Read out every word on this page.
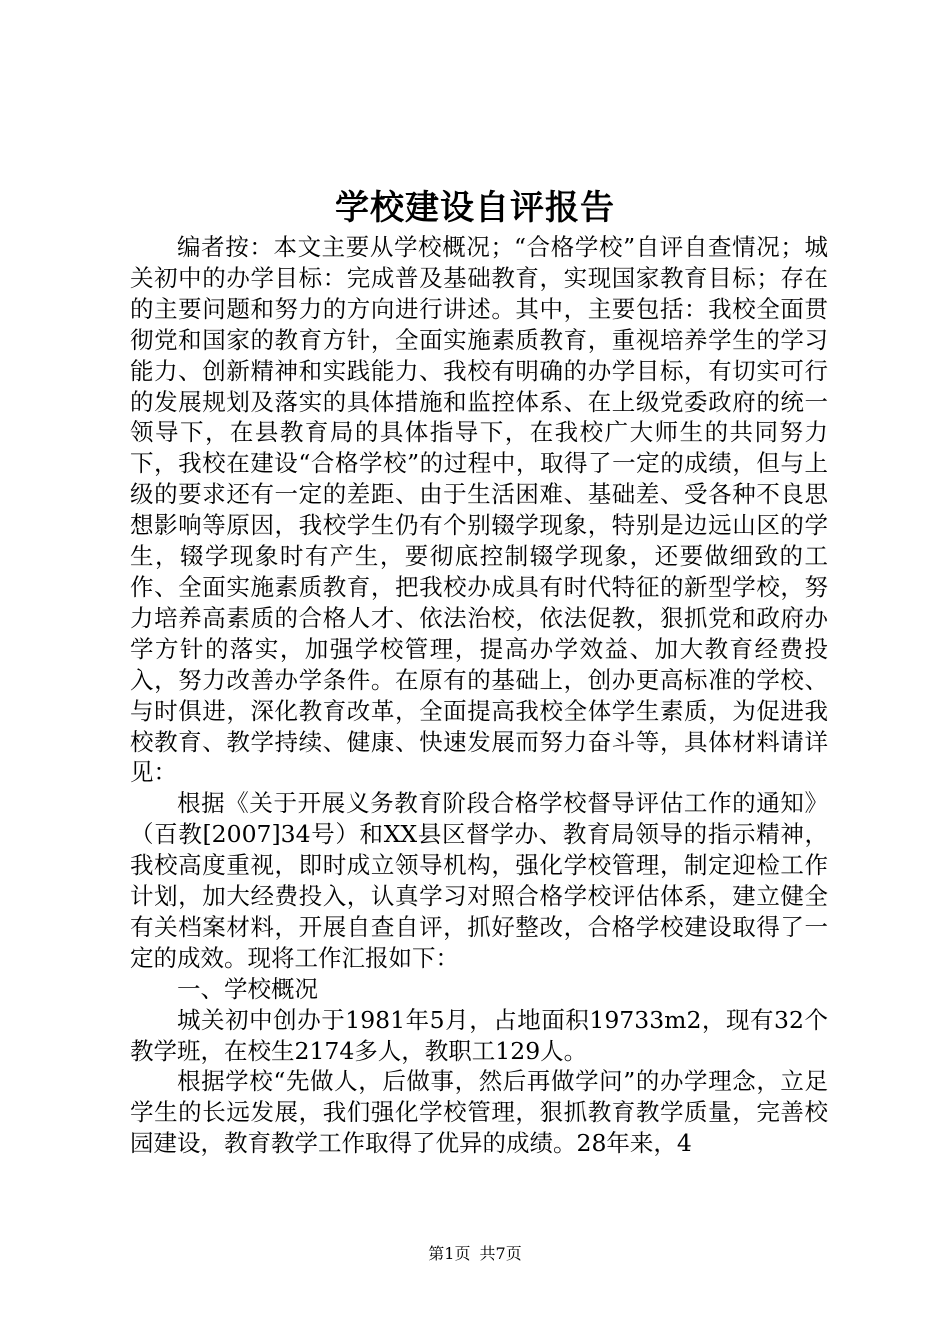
学校建设自评报告

编者按：本文主要从学校概况；“合格学校”自评自查情况；城关初中的办学目标：完成普及基础教育，实现国家教育目标；存在的主要问题和努力的方向进行讲述。其中，主要包括：我校全面贯彻党和国家的教育方针，全面实施素质教育，重视培养学生的学习能力、创新精神和实践能力、我校有明确的办学目标，有切实可行的发展规划及落实的具体措施和监控体系、在上级党委政府的统一领导下，在县教育局的具体指导下，在我校广大师生的共同努力下，我校在建设“合格学校”的过程中，取得了一定的成绩，但与上级的要求还有一定的差距、由于生活困难、基础差、受各种不良思想影响等原因，我校学生仍有个别辍学现象，特别是边远山区的学生，辍学现象时有产生，要彻底控制辍学现象，还要做细致的工作、全面实施素质教育，把我校办成具有时代特征的新型学校，努力培养高素质的合格人才、依法治校，依法促教，狠抓党和政府办学方针的落实，加强学校管理，提高办学效益、加大教育经费投入，努力改善办学条件。在原有的基础上，创办更高标准的学校、与时俱进，深化教育改革，全面提高我校全体学生素质，为促进我校教育、教学持续、健康、快速发展而努力奋斗等，具体材料请详见：

根据《关于开展义务教育阶段合格学校督导评估工作的通知》（百教[2007]34号）和XX县区督学办、教育局领导的指示精神，我校高度重视，即时成立领导机构，强化学校管理，制定迎检工作计划，加大经费投入，认真学习对照合格学校评估体系，建立健全有关档案材料，开展自查自评，抓好整改，合格学校建设取得了一定的成效。现将工作汇报如下：

一、学校概况

城关初中创办于1981年5月，占地面积19733m2，现有32个教学班，在校生2174多人，教职工129人。

根据学校“先做人，后做事，然后再做学问”的办学理念，立足学生的长远发展，我们强化学校管理，狠抓教育教学质量，完善校园建设，教育教学工作取得了优异的成绩。28年来，4

第1页 共7页
